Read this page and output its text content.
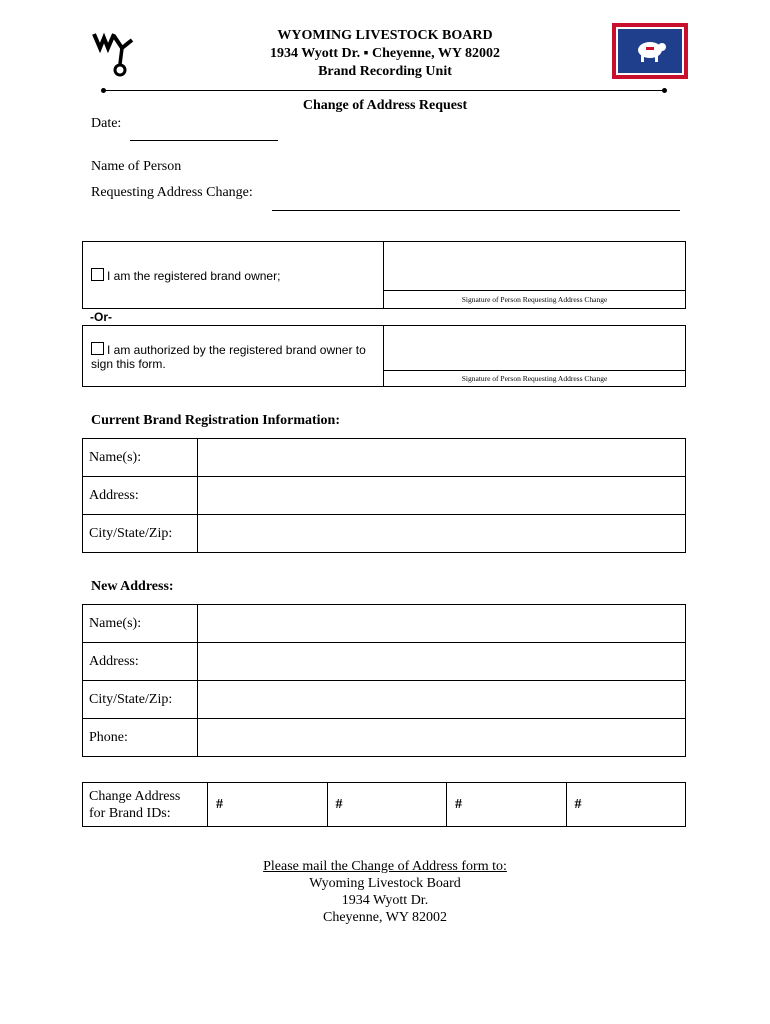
WYOMING LIVESTOCK BOARD
1934 Wyott Dr. ▪ Cheyenne, WY 82002
Brand Recording Unit
Change of Address Request
Date:
Name of Person
Requesting Address Change:
I am the registered brand owner;

Signature of Person Requesting Address Change
-Or-
I am authorized by the registered brand owner to sign this form.

Signature of Person Requesting Address Change
Current Brand Registration Information:
Name(s):	
Address:	
City/State/Zip:	
New Address:
Name(s):	
Address:	
City/State/Zip:	
Phone:	
Change Address
for Brand IDs:
	#	#	#	#
Please mail the Change of Address form to:
Wyoming Livestock Board
1934 Wyott Dr.
Cheyenne, WY 82002
